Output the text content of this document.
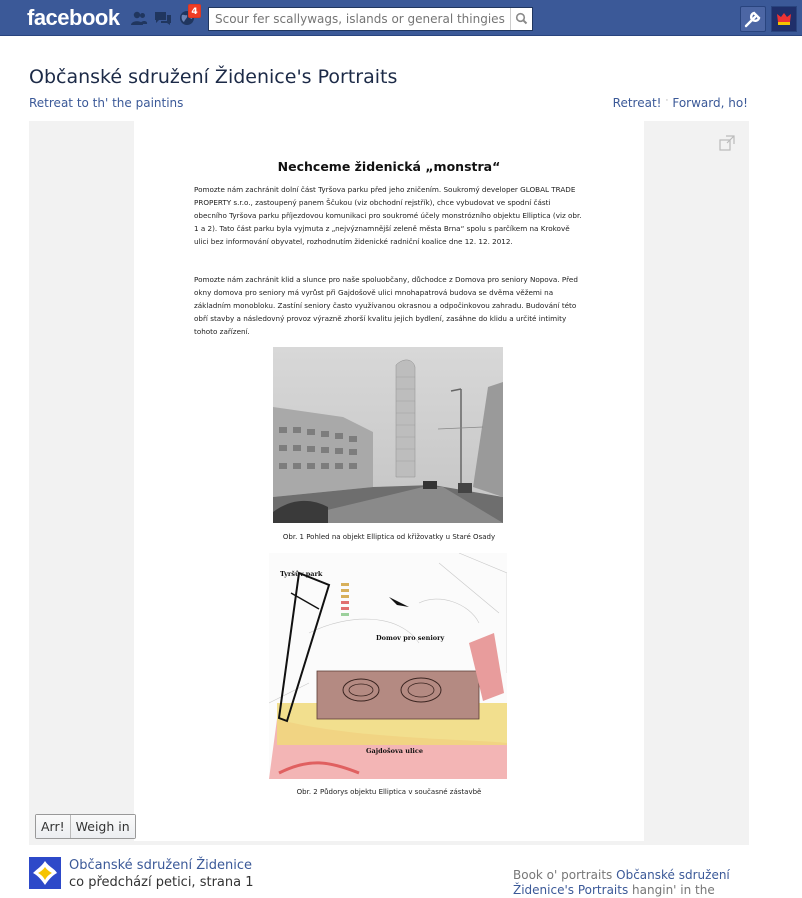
facebook	4
Scour fer scallywags, islands or general thingies
Občanské sdružení Židenice's Portraits
Retreat to th' the paintins	Retreat! · Forward, ho!
Nechceme židenická „monstra“
Pomozte nám zachránit dolní část Tyršova parku před jeho zničením. Soukromý developer GLOBAL TRADE PROPERTY s.r.o., zastoupený panem Ščukou (viz obchodní rejstřík), chce vybudovat ve spodní části obecního Tyršova parku příjezdovou komunikaci pro soukromé účely monstrózního objektu Elliptica (viz obr. 1 a 2). Tato část parku byla vyjmuta z „nejvýznamnější zeleně města Brna“ spolu s parčíkem na Krokově ulici bez informování obyvatel, rozhodnutím židenické radniční koalice dne 12. 12. 2012.
Pomozte nám zachránit klid a slunce pro naše spoluobčany, důchodce z Domova pro seniory Nopova. Před okny domova pro seniory má vyrůst při Gajdošově ulici mnohapatrová budova se dvěma věžemi na základním monobloku. Zastíní seniory často využívanou okrasnou a odpočinkovou zahradu. Budování této obří stavby a následovný provoz výrazně zhorší kvalitu jejich bydlení, zasáhne do klidu a určité intimity tohoto zařízení.
Obr. 1 Pohled na objekt Elliptica od křižovatky u Staré Osady
Tyršův park
Domov pro seniory
Gajdošova ulice
Obr. 2 Půdorys objektu Elliptica v současné zástavbě
Arr! Weigh in
Občanské sdružení Židenice
co předchází petici, strana 1	Book o' portraits Občanské sdružení Židenice's Portraits hangin' in the
